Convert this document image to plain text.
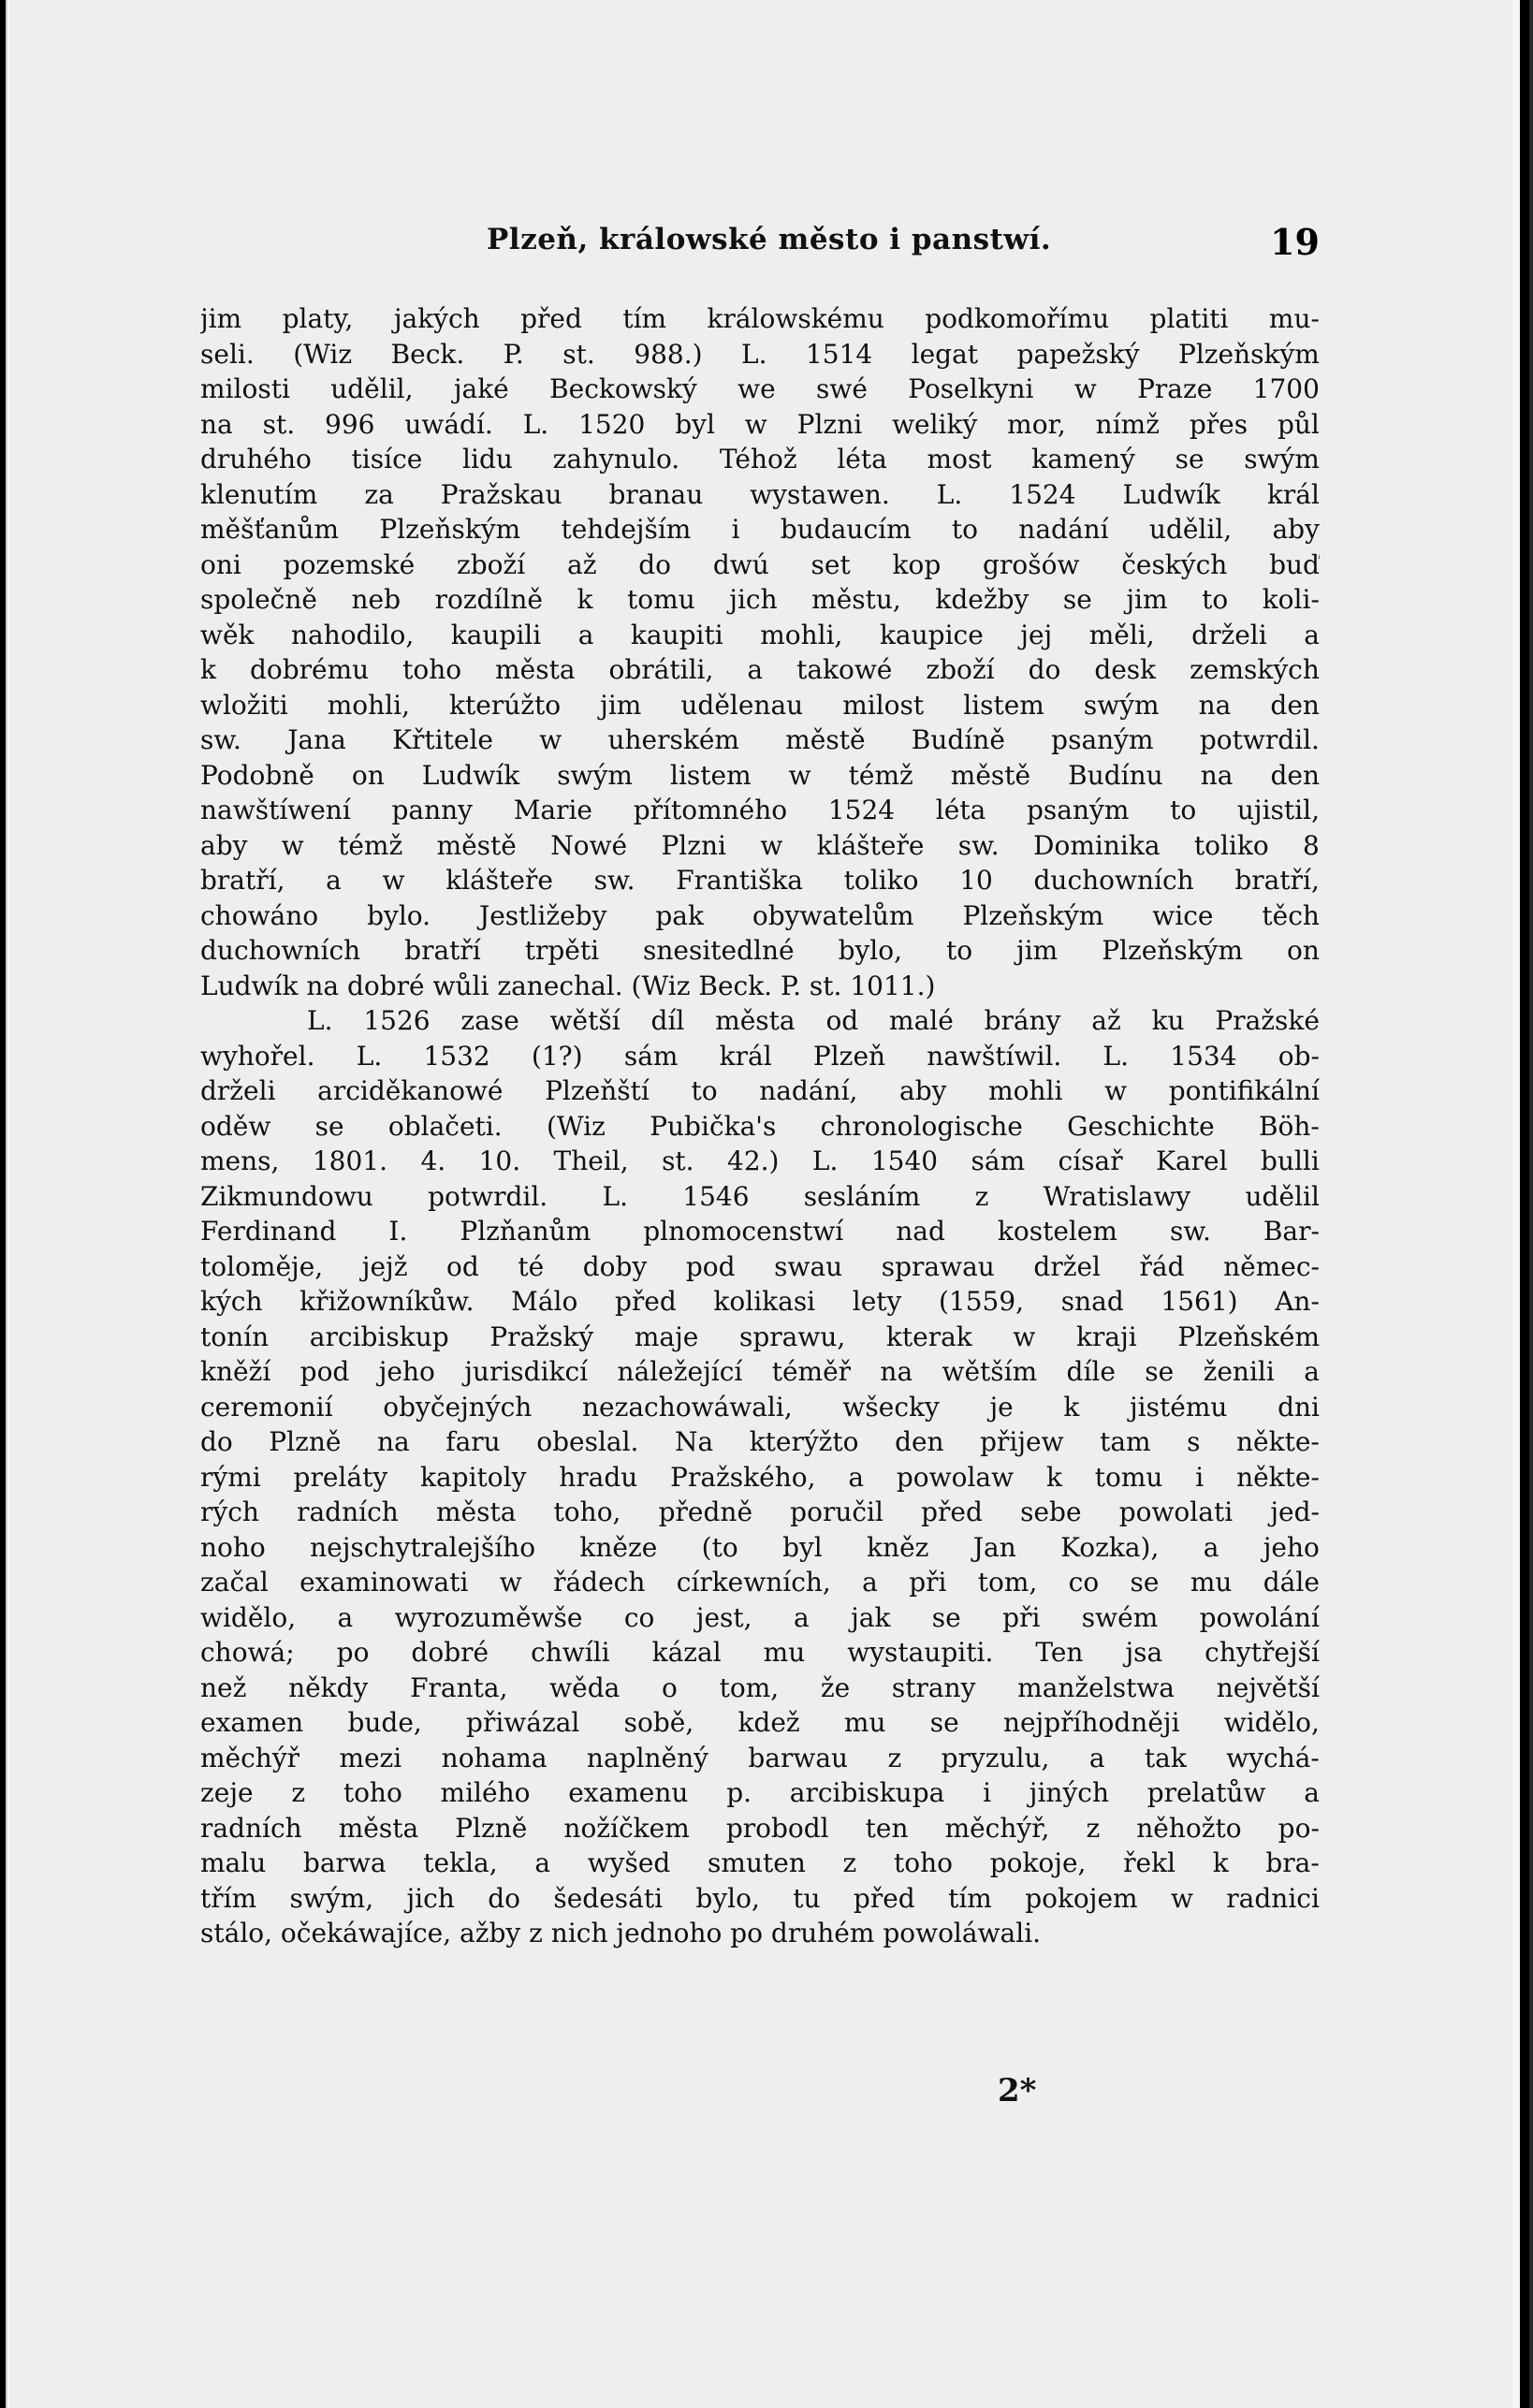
Plzeň, králowské město i panstwí.	19
jim platy, jakých před tím králowskému podkomořímu platiti mu-
seli. (Wiz Beck. P. st. 988.) L. 1514 legat papežský Plzeňským
milosti udělil, jaké Beckowský we swé Poselkyni w Praze 1700
na st. 996 uwádí. L. 1520 byl w Plzni weliký mor, nímž přes půl
druhého tisíce lidu zahynulo. Téhož léta most kamený se swým
klenutím za Pražskau branau wystawen. L. 1524 Ludwík král
měšťanům Plzeňským tehdejším i budaucím to nadání udělil, aby
oni pozemské zboží až do dwú set kop grošów českých buď
společně neb rozdílně k tomu jich městu, kdežby se jim to koli-
wěk nahodilo, kaupili a kaupiti mohli, kaupice jej měli, drželi a
k dobrému toho města obrátili, a takowé zboží do desk zemských
wložiti mohli, kterúžto jim udělenau milost listem swým na den
sw. Jana Křtitele w uherském městě Budíně psaným potwrdil.
Podobně on Ludwík swým listem w témž městě Budínu na den
nawštíwení panny Marie přítomného 1524 léta psaným to ujistil,
aby w témž městě Nowé Plzni w klášteře sw. Dominika toliko 8
bratří, a w klášteře sw. Františka toliko 10 duchowních bratří,
chowáno bylo. Jestližeby pak obywatelům Plzeňským wice těch
duchowních bratří trpěti snesitedlné bylo, to jim Plzeňským on
Ludwík na dobré wůli zanechal. (Wiz Beck. P. st. 1011.)
L. 1526 zase wětší díl města od malé brány až ku Pražské
wyhořel. L. 1532 (1?) sám král Plzeň nawštíwil. L. 1534 ob-
drželi arciděkanowé Plzeňští to nadání, aby mohli w pontifikální
oděw se oblačeti. (Wiz Pubička's chronologische Geschichte Böh-
mens, 1801. 4. 10. Theil, st. 42.) L. 1540 sám císař Karel bulli
Zikmundowu potwrdil. L. 1546 sesláním z Wratislawy udělil
Ferdinand I. Plzňanům plnomocenstwí nad kostelem sw. Bar-
tolomějе, jejž od té doby pod swau sprawau držel řád němec-
kých křižowníkůw. Málo před kolikasi lety (1559, snad 1561) An-
tonín arcibiskup Pražský maje sprawu, kterak w kraji Plzeňském
kněží pod jeho jurisdikcí náležející téměř na wětším díle se ženili a
ceremonií obyčejných nezachowáwali, wšecky je k jistému dni
do Plzně na faru obeslal. Na kterýžto den přijew tam s někte-
rými preláty kapitoly hradu Pražského, a powolaw k tomu i někte-
rých radních města toho, předně poručil před sebe powolati jed-
noho nejschytralejšího kněze (to byl kněz Jan Kozka), a jeho
začal examinowati w řádech církewních, a při tom, co se mu dále
widělo, a wyrozuměwše co jest, a jak se při swém powolání
chowá; po dobré chwíli kázal mu wystaupiti. Ten jsa chytřejší
než někdy Franta, wěda o tom, že strany manželstwa největší
examen bude, přiwázal sobě, kdež mu se nejpříhodněji widělo,
měchýř mezi nohama naplněný barwau z pryzulu, a tak wychá-
zeje z toho milého examenu p. arcibiskupa i jiných prelatůw a
radních města Plzně nožíčkem probodl ten měchýř, z něhožto po-
malu barwa tekla, a wyšed smuten z toho pokoje, řekl k bra-
třím swým, jich do šedesáti bylo, tu před tím pokojem w radnici
stálo, očekáwajíce, ažby z nich jednoho po druhém powoláwali.
2*
